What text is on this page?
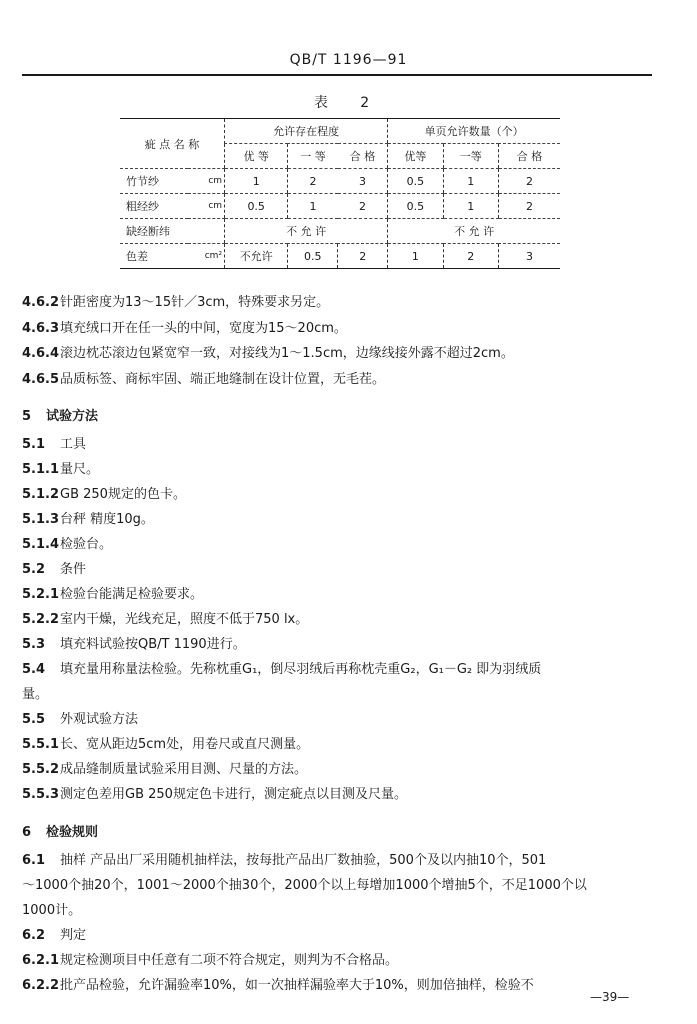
QB/T 1196—91
表 2
疵 点 名 称		允许存在程度			单页允许数量（个）		
		优 等	一 等	合 格	优等	一等	合 格
竹节纱	cm	1	2	3	0.5	1	2
粗经纱	cm	0.5	1	2	0.5	1	2
缺经断纬		不 允 许			不 允 许		
色差	cm²	不允许	0.5	2	1	2	3
4.6.2针距密度为13～15针／3cm，特殊要求另定。
4.6.3填充绒口开在任一头的中间，宽度为15～20cm。
4.6.4滚边枕芯滚边包紧宽窄一致，对接线为1～1.5cm，边缘线接外露不超过2cm。
4.6.5品质标签、商标牢固、端正地缝制在设计位置，无毛茬。
5 试验方法
5.1 工具
5.1.1量尺。
5.1.2GB 250规定的色卡。
5.1.3台秤 精度10g。
5.1.4检验台。
5.2 条件
5.2.1检验台能满足检验要求。
5.2.2室内干燥，光线充足，照度不低于750 lx。
5.3 填充料试验按QB/T 1190进行。
5.4 填充量用称量法检验。先称枕重G₁，倒尽羽绒后再称枕壳重G₂，G₁－G₂ 即为羽绒质
量。
5.5 外观试验方法
5.5.1长、宽从距边5cm处，用卷尺或直尺测量。
5.5.2成品缝制质量试验采用目测、尺量的方法。
5.5.3测定色差用GB 250规定色卡进行，测定疵点以目测及尺量。
6 检验规则
6.1 抽样 产品出厂采用随机抽样法，按每批产品出厂数抽验，500个及以内抽10个，501
～1000个抽20个，1001～2000个抽30个，2000个以上每增加1000个增抽5个，不足1000个以
1000计。
6.2 判定
6.2.1规定检测项目中任意有二项不符合规定，则判为不合格品。
6.2.2批产品检验，允许漏验率10%，如一次抽样漏验率大于10%，则加倍抽样，检验不
—39—
